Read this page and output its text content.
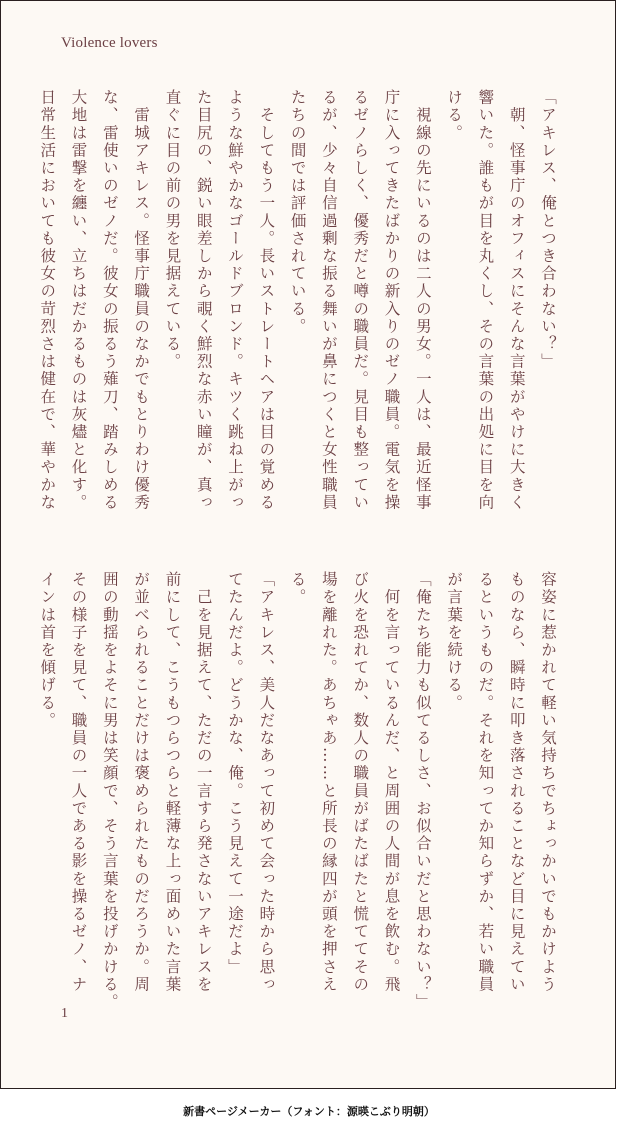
Violence lovers
「アキレス、俺とつき合わない？」
　朝、怪事庁のオフィスにそんな言葉がやけに大きく
響いた。誰もが目を丸くし、その言葉の出処に目を向
ける。
　視線の先にいるのは二人の男女。一人は、最近怪事
庁に入ってきたばかりの新入りのゼノ職員。電気を操
るゼノらしく、優秀だと噂の職員だ。見目も整ってい
るが、少々自信過剰な振る舞いが鼻につくと女性職員
たちの間では評価されている。
　そしてもう一人。長いストレートヘアは目の覚める
ような鮮やかなゴールドブロンド。キツく跳ね上がっ
た目尻の、鋭い眼差しから覗く鮮烈な赤い瞳が、真っ
直ぐに目の前の男を見据えている。
　雷城アキレス。怪事庁職員のなかでもとりわけ優秀
な、雷使いのゼノだ。彼女の振るう薙刀、踏みしめる
大地は雷撃を纏い、立ちはだかるものは灰燼と化す。
日常生活においても彼女の苛烈さは健在で、華やかな
容姿に惹かれて軽い気持ちでちょっかいでもかけよう
ものなら、瞬時に叩き落されることなど目に見えてい
るというものだ。それを知ってか知らずか、若い職員
が言葉を続ける。
「俺たち能力も似てるしさ、お似合いだと思わない？」
　何を言っているんだ、と周囲の人間が息を飲む。飛
び火を恐れてか、数人の職員がばたばたと慌ててその
場を離れた。あちゃあ……と所長の縁四が頭を押さえ
る。
「アキレス、美人だなあって初めて会った時から思っ
てたんだよ。どうかな、俺。こう見えて一途だよ」
　己を見据えて、ただの一言すら発さないアキレスを
前にして、こうもつらつらと軽薄な上っ面めいた言葉
が並べられることだけは褒められたものだろうか。周
囲の動揺をよそに男は笑顔で、そう言葉を投げかける。
その様子を見て、職員の一人である影を操るゼノ、ナ
インは首を傾げる。
1
新書ページメーカー（フォント：源暎こぶり明朝）
